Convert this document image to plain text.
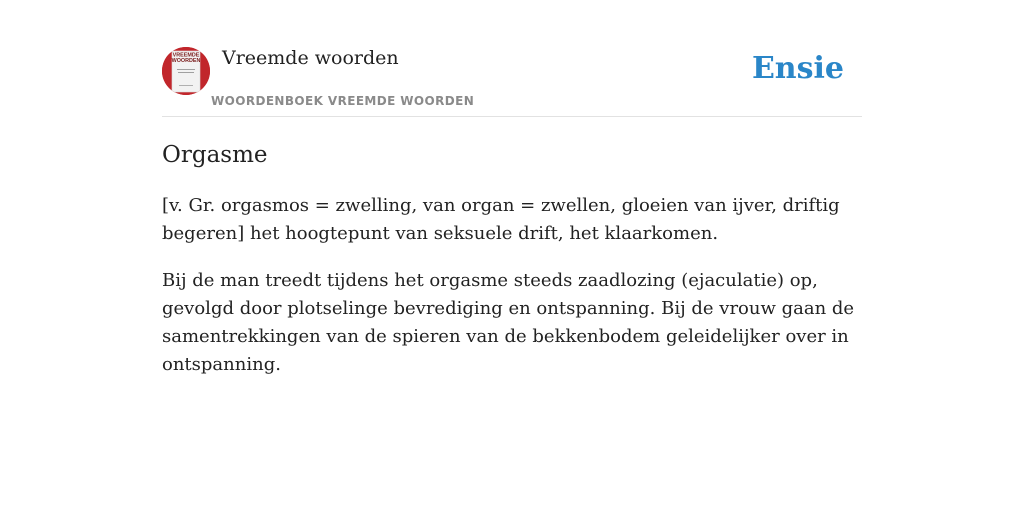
VREEMDE
WOORDEN Vreemde woorden
WOORDENBOEK VREEMDE WOORDEN
Ensie
Orgasme

[v. Gr. orgasmos = zwelling, van organ = zwellen, gloeien van ijver, driftig begeren] het hoogtepunt van seksuele drift, het klaarkomen.

Bij de man treedt tijdens het orgasme steeds zaadlozing (ejaculatie) op, gevolgd door plotselinge bevrediging en ontspanning. Bij de vrouw gaan de samentrekkingen van de spieren van de bekkenbodem geleidelijker over in ontspanning.
